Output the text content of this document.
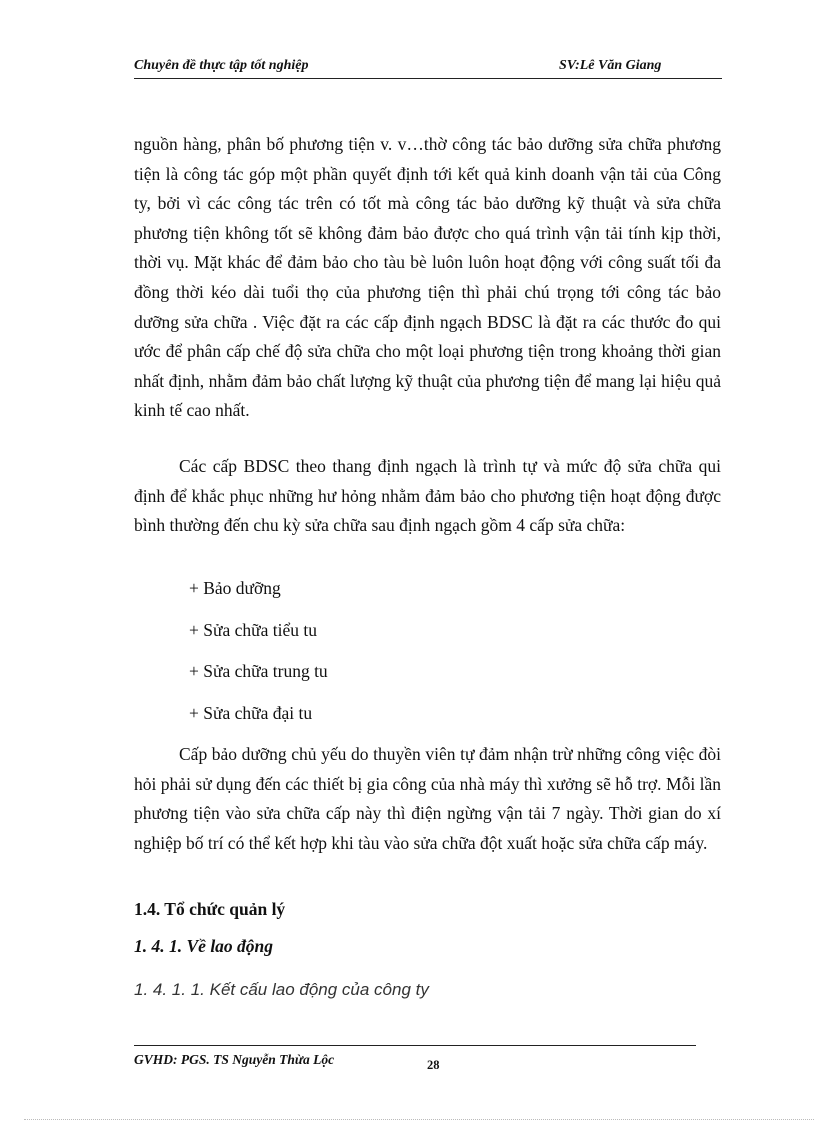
Chuyên đề thực tập tốt nghiệp	SV:Lê Văn Giang

nguồn hàng, phân bố phương tiện v. v…thờ công tác bảo dưỡng sửa chữa phương tiện là công tác góp một phần quyết định tới kết quả kinh doanh vận tải của Công ty, bởi vì các công tác trên có tốt mà công tác bảo dưỡng kỹ thuật và sửa chữa phương tiện không tốt sẽ không đảm bảo được cho quá trình vận tải tính kịp thời, thời vụ. Mặt khác để đảm bảo cho tàu bè luôn luôn hoạt động với công suất tối đa đồng thời kéo dài tuổi thọ của phương tiện thì phải chú trọng tới công tác bảo dưỡng sửa chữa . Việc đặt ra các cấp định ngạch BDSC là đặt ra các thước đo qui ước để phân cấp chế độ sửa chữa cho một loại phương tiện trong khoảng thời gian nhất định, nhằm đảm bảo chất lượng kỹ thuật của phương tiện để mang lại hiệu quả kinh tế cao nhất.

Các cấp BDSC theo thang định ngạch là trình tự và mức độ sửa chữa qui định để khắc phục những hư hỏng nhằm đảm bảo cho phương tiện hoạt động được bình thường đến chu kỳ sửa chữa sau định ngạch gồm 4 cấp sửa chữa:

+ Bảo dưỡng
+ Sửa chữa tiểu tu
+ Sửa chữa trung tu
+ Sửa chữa đại tu

Cấp bảo dưỡng chủ yếu do thuyền viên tự đảm nhận trừ những công việc đòi hỏi phải sử dụng đến các thiết bị gia công của nhà máy thì xưởng sẽ hỗ trợ. Mỗi lần phương tiện vào sửa chữa cấp này thì điện ngừng vận tải 7 ngày. Thời gian do xí nghiệp bố trí có thể kết hợp khi tàu vào sửa chữa đột xuất hoặc sửa chữa cấp máy.

1.4. Tổ chức quản lý
1. 4. 1. Về lao động
1. 4. 1. 1. Kết cấu lao động của công ty
GVHD: PGS. TS Nguyễn Thừa Lộc	28
